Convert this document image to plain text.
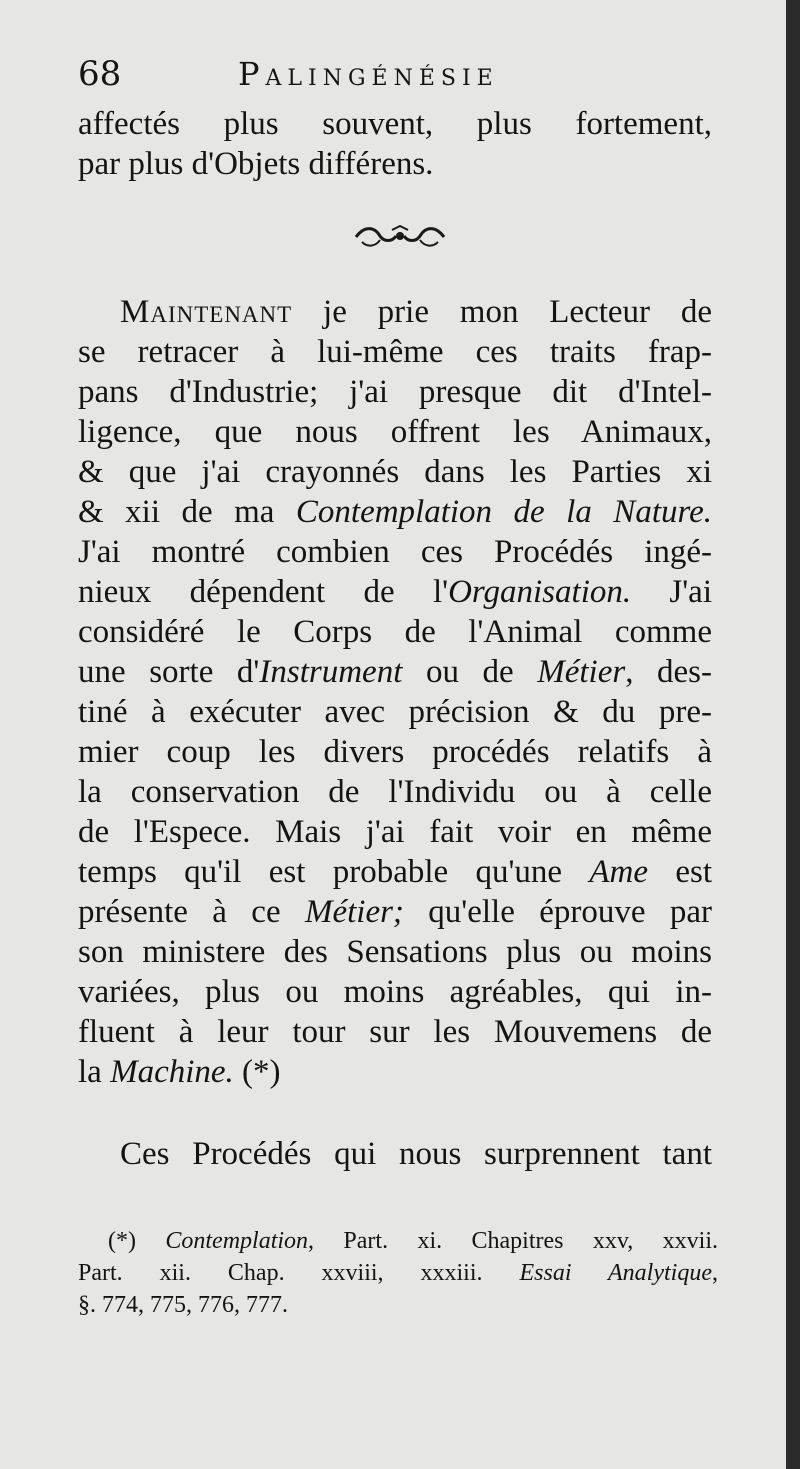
68	Palingénésie
affectés plus souvent, plus fortement,
par plus d'Objets différens.
Maintenant je prie mon Lecteur de
se retracer à lui-même ces traits frap-
pans d'Industrie; j'ai presque dit d'Intel-
ligence, que nous offrent les Animaux,
& que j'ai crayonnés dans les Parties xi
& xii de ma Contemplation de la Nature.
J'ai montré combien ces Procédés ingé-
nieux dépendent de l'Organisation. J'ai
considéré le Corps de l'Animal comme
une sorte d'Instrument ou de Métier, des-
tiné à exécuter avec précision & du pre-
mier coup les divers procédés relatifs à
la conservation de l'Individu ou à celle
de l'Espece. Mais j'ai fait voir en même
temps qu'il est probable qu'une Ame est
présente à ce Métier; qu'elle éprouve par
son ministere des Sensations plus ou moins
variées, plus ou moins agréables, qui in-
fluent à leur tour sur les Mouvemens de
la Machine. (*)
Ces Procédés qui nous surprennent tant
(*) Contemplation, Part. xi. Chapitres xxv, xxvii.
Part. xii. Chap. xxviii, xxxiii. Essai Analytique,
§. 774, 775, 776, 777.
